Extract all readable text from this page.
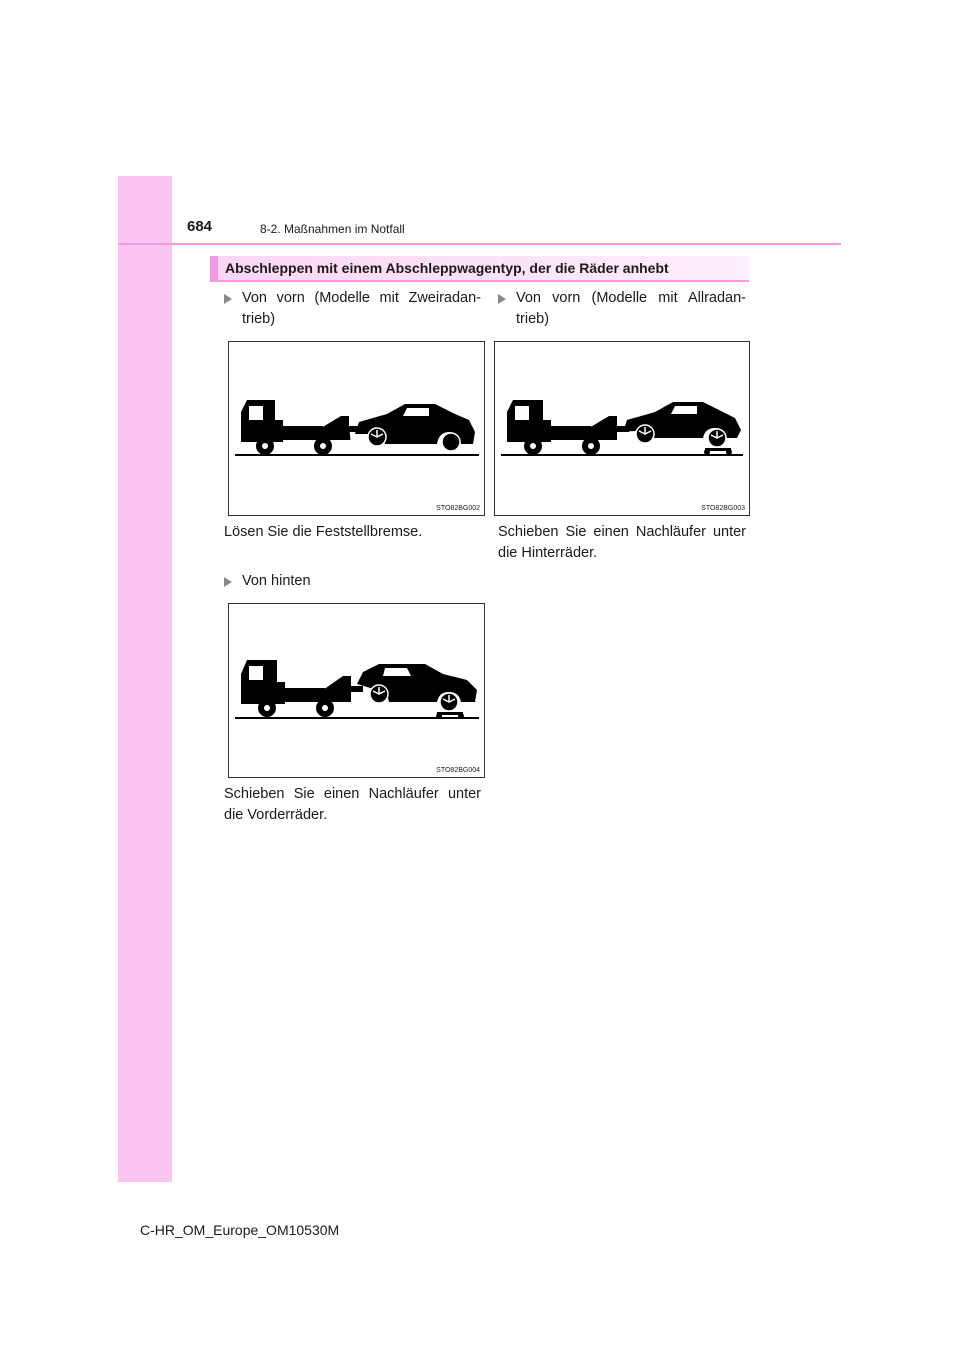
684	8-2. Maßnahmen im Notfall
Abschleppen mit einem Abschleppwagentyp, der die Räder anhebt
Von vorn (Modelle mit Zweiradan-trieb)
STO82BG002
Lösen Sie die Feststellbremse.
Von vorn (Modelle mit Allradan-trieb)
STO82BG003
Schieben Sie einen Nachläufer unter die Hinterräder.
Von hinten
STO82BG004
Schieben Sie einen Nachläufer unter die Vorderräder.
C-HR_OM_Europe_OM10530M
